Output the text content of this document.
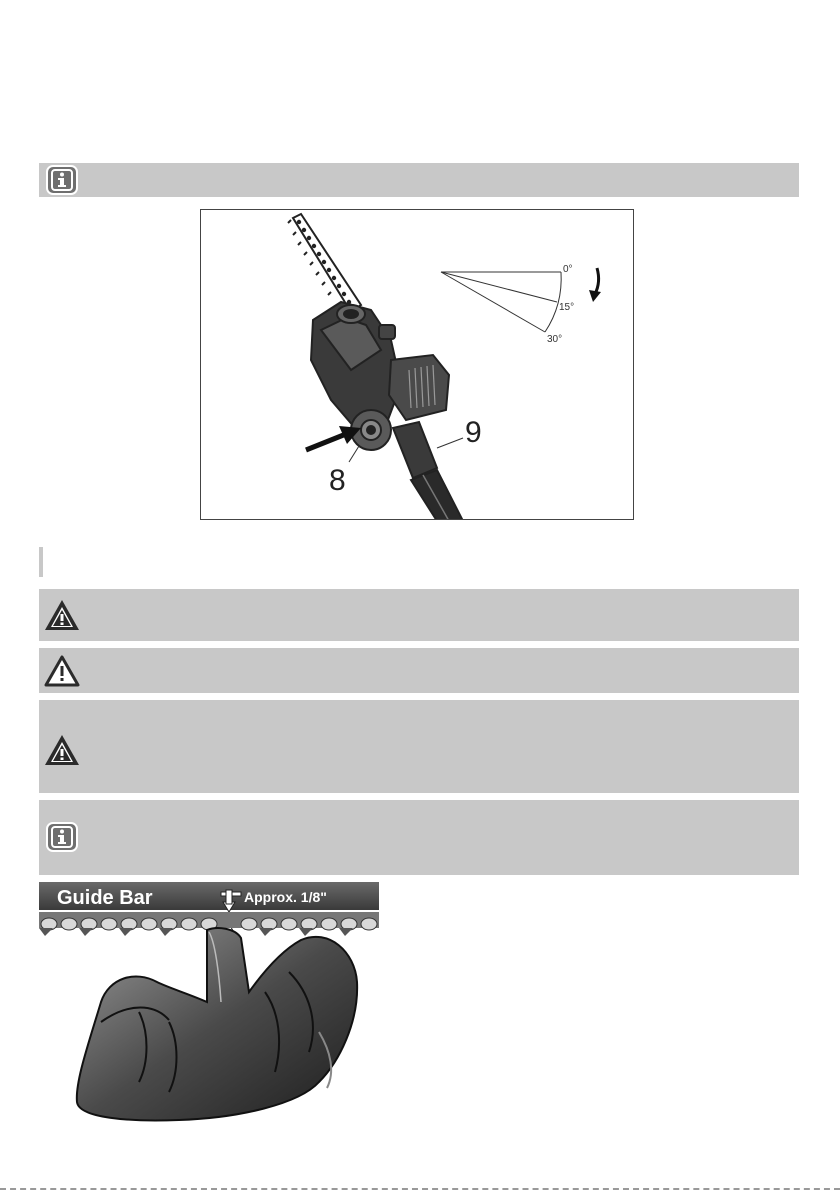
8
9
0°
15°
30°
Guide Bar	Approx. 1/8"
